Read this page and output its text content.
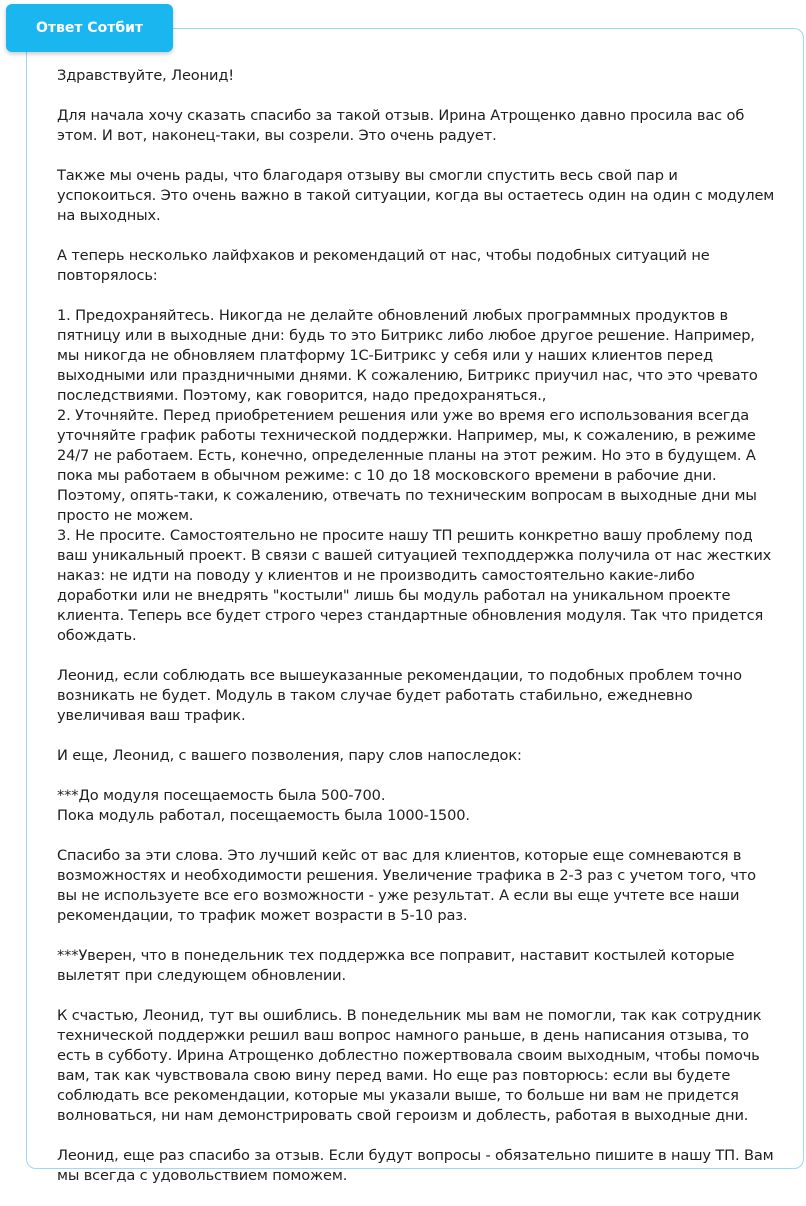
Ответ Сотбит

Здравствуйте, Леонид!

Для начала хочу сказать спасибо за такой отзыв. Ирина Атрощенко давно просила вас об этом. И вот, наконец-таки, вы созрели. Это очень радует.

Также мы очень рады, что благодаря отзыву вы смогли спустить весь свой пар и успокоиться. Это очень важно в такой ситуации, когда вы остаетесь один на один с модулем на выходных.

А теперь несколько лайфхаков и рекомендаций от нас, чтобы подобных ситуаций не повторялось:

1. Предохраняйтесь. Никогда не делайте обновлений любых программных продуктов в пятницу или в выходные дни: будь то это Битрикс либо любое другое решение. Например, мы никогда не обновляем платформу 1С-Битрикс у себя или у наших клиентов перед выходными или праздничными днями. К сожалению, Битрикс приучил нас, что это чревато последствиями. Поэтому, как говорится, надо предохраняться.,

2. Уточняйте. Перед приобретением решения или уже во время его использования всегда уточняйте график работы технической поддержки. Например, мы, к сожалению, в режиме 24/7 не работаем. Есть, конечно, определенные планы на этот режим. Но это в будущем. А пока мы работаем в обычном режиме: с 10 до 18 московского времени в рабочие дни. Поэтому, опять-таки, к сожалению, отвечать по техническим вопросам в выходные дни мы просто не можем.

3. Не просите. Самостоятельно не просите нашу ТП решить конкретно вашу проблему под ваш уникальный проект. В связи с вашей ситуацией техподдержка получила от нас жестких наказ: не идти на поводу у клиентов и не производить самостоятельно какие-либо доработки или не внедрять "костыли" лишь бы модуль работал на уникальном проекте клиента. Теперь все будет строго через стандартные обновления модуля. Так что придется обождать.

Леонид, если соблюдать все вышеуказанные рекомендации, то подобных проблем точно возникать не будет. Модуль в таком случае будет работать стабильно, ежедневно увеличивая ваш трафик.

И еще, Леонид, с вашего позволения, пару слов напоследок:

***До модуля посещаемость была 500-700.

Пока модуль работал, посещаемость была 1000-1500.

Спасибо за эти слова. Это лучший кейс от вас для клиентов, которые еще сомневаются в возможностях и необходимости решения. Увеличение трафика в 2-3 раз с учетом того, что вы не используете все его возможности - уже результат. А если вы еще учтете все наши рекомендации, то трафик может возрасти в 5-10 раз.

***Уверен, что в понедельник тех поддержка все поправит, наставит костылей которые вылетят при следующем обновлении.

К счастью, Леонид, тут вы ошиблись. В понедельник мы вам не помогли, так как сотрудник технической поддержки решил ваш вопрос намного раньше, в день написания отзыва, то есть в субботу. Ирина Атрощенко доблестно пожертвовала своим выходным, чтобы помочь вам, так как чувствовала свою вину перед вами. Но еще раз повторюсь: если вы будете соблюдать все рекомендации, которые мы указали выше, то больше ни вам не придется волноваться, ни нам демонстрировать свой героизм и доблесть, работая в выходные дни.

Леонид, еще раз спасибо за отзыв. Если будут вопросы - обязательно пишите в нашу ТП. Вам мы всегда с удовольствием поможем.
